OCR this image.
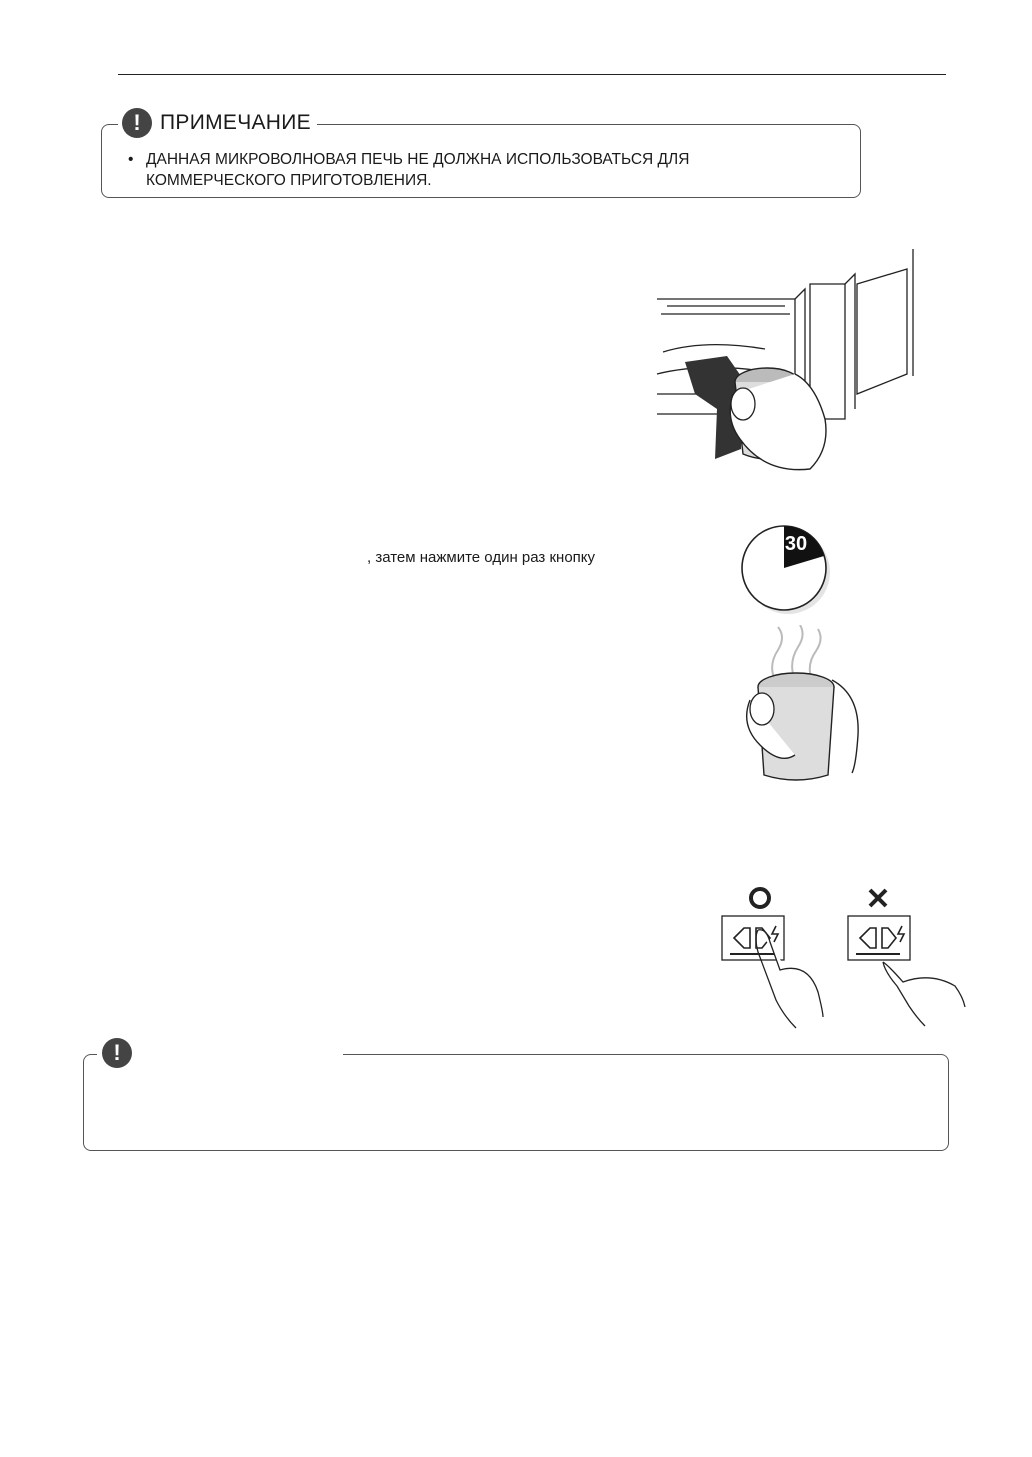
! ПРИМЕЧАНИЕ
• ДАННАЯ МИКРОВОЛНОВАЯ ПЕЧЬ НЕ ДОЛЖНА ИСПОЛЬЗОВАТЬСЯ ДЛЯ
КОММЕРЧЕСКОГО ПРИГОТОВЛЕНИЯ.
, затем нажмите один раз кнопку
30
!
